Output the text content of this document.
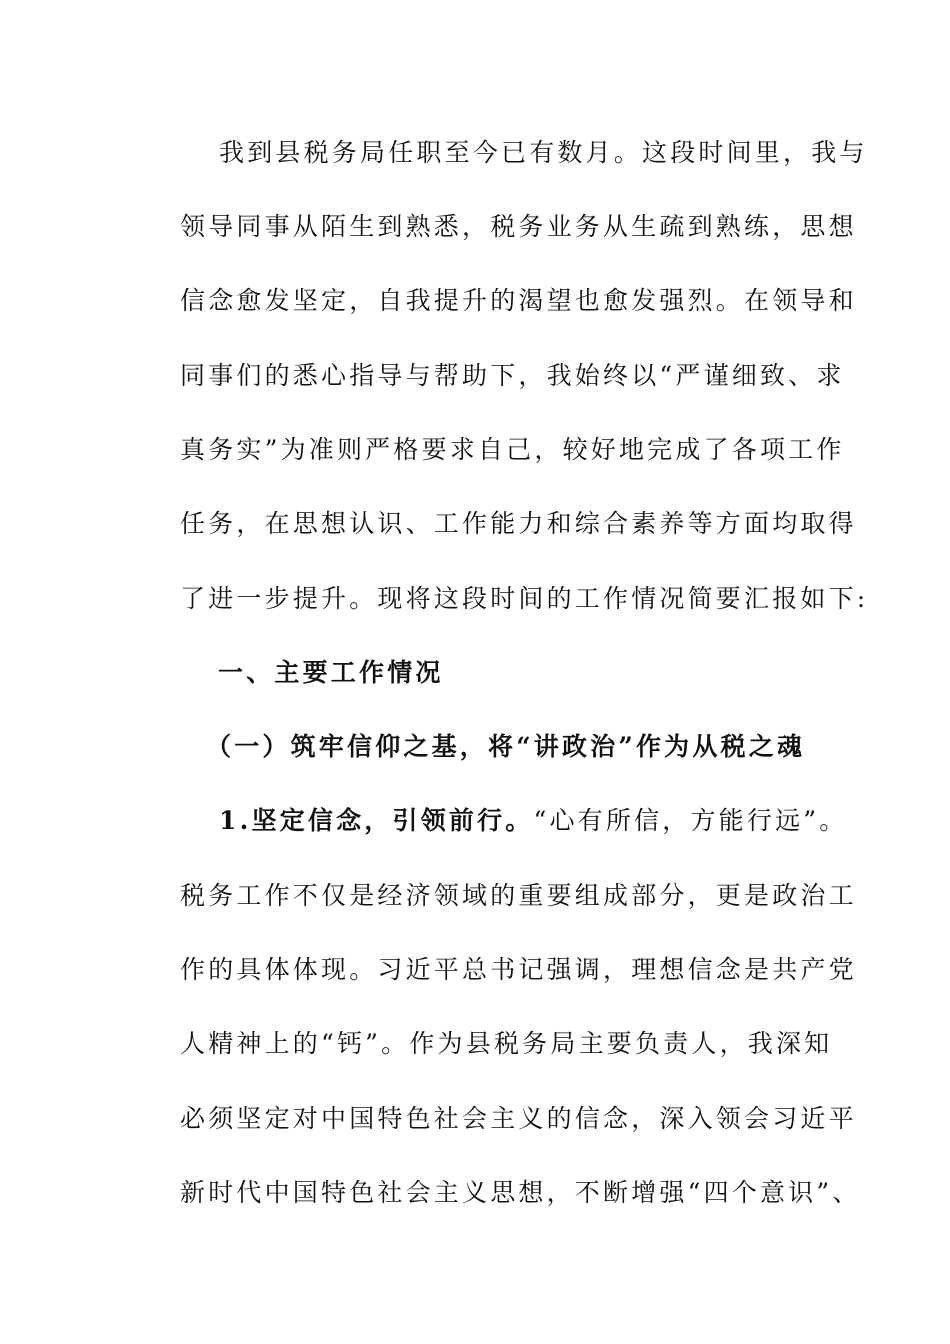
我到县税务局任职至今已有数月。这段时间里，我与
领导同事从陌生到熟悉，税务业务从生疏到熟练，思想
信念愈发坚定，自我提升的渴望也愈发强烈。在领导和
同事们的悉心指导与帮助下，我始终以“严谨细致、求
真务实”为准则严格要求自己，较好地完成了各项工作
任务，在思想认识、工作能力和综合素养等方面均取得
了进一步提升。现将这段时间的工作情况简要汇报如下:
一、主要工作情况
（一）筑牢信仰之基，将“讲政治”作为从税之魂
1.坚定信念，引领前行。“心有所信，方能行远”。
税务工作不仅是经济领域的重要组成部分，更是政治工
作的具体体现。习近平总书记强调，理想信念是共产党
人精神上的“钙”。作为县税务局主要负责人，我深知
必须坚定对中国特色社会主义的信念，深入领会习近平
新时代中国特色社会主义思想，不断增强“四个意识”、
